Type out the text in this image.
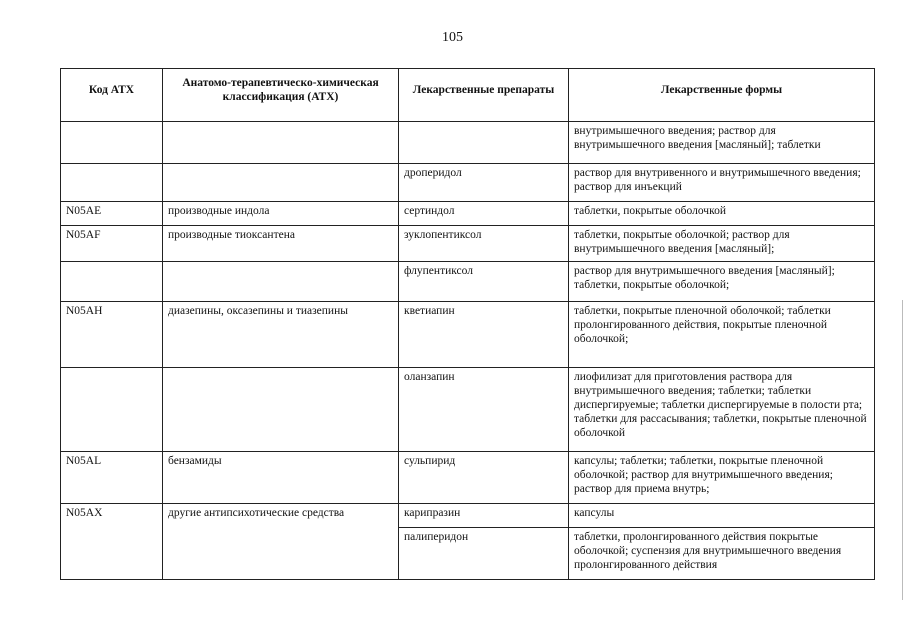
105
Код АТХ	Анатомо-терапевтическо-химическая классификация (АТХ)	Лекарственные препараты	Лекарственные формы
			внутримышечного введения; раствор для внутримышечного введения [масляный]; таблетки
		дроперидол	раствор для внутривенного и внутримышечного введения; раствор для инъекций
N05AE	производные индола	сертиндол	таблетки, покрытые оболочкой
N05AF	производные тиоксантена	зуклопентиксол	таблетки, покрытые оболочкой; раствор для внутримышечного введения [масляный];
		флупентиксол	раствор для внутримышечного введения [масляный]; таблетки, покрытые оболочкой;
N05AH	диазепины, оксазепины и тиазепины	кветиапин	таблетки, покрытые пленочной оболочкой; таблетки пролонгированного действия, покрытые пленочной оболочкой;
		оланзапин	лиофилизат для приготовления раствора для внутримышечного введения; таблетки; таблетки диспергируемые; таблетки диспергируемые в полости рта; таблетки для рассасывания; таблетки, покрытые пленочной оболочкой
N05AL	бензамиды	сульпирид	капсулы; таблетки; таблетки, покрытые пленочной оболочкой; раствор для внутримышечного введения; раствор для приема внутрь;
N05AX	другие антипсихотические средства	карипразин	капсулы
		палиперидон	таблетки, пролонгированного действия покрытые оболочкой; суспензия для внутримышечного введения пролонгированного действия
